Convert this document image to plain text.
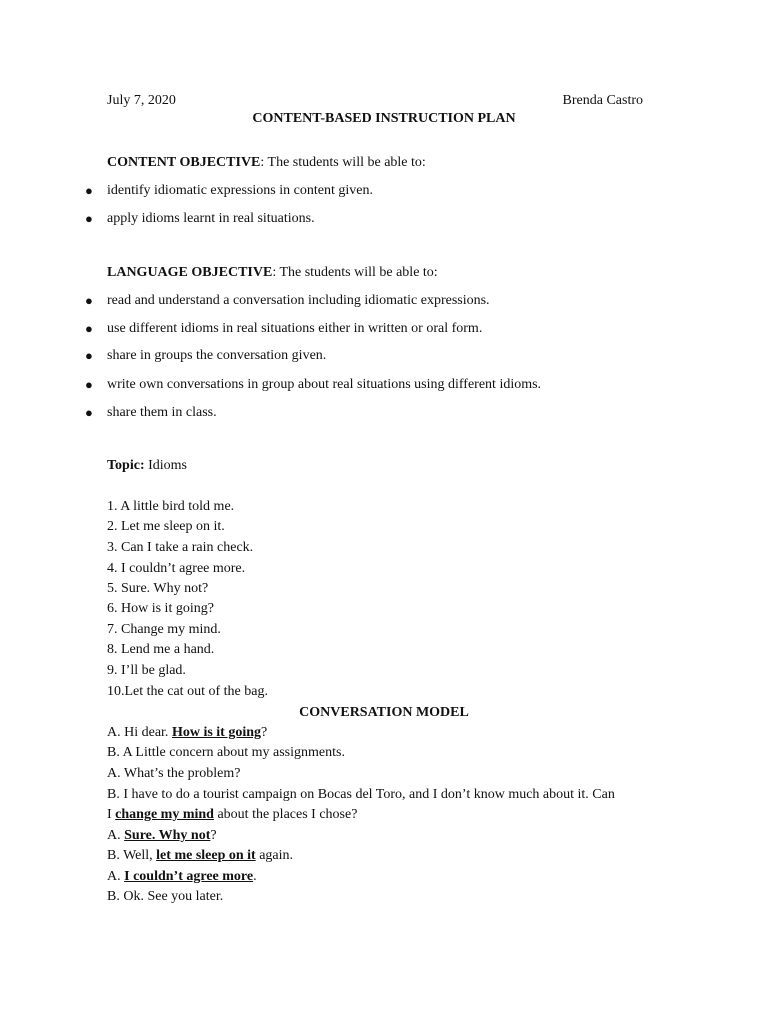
July 7, 2020	Brenda Castro
CONTENT-BASED INSTRUCTION PLAN
CONTENT OBJECTIVE: The students will be able to:
● identify idiomatic expressions in content given.
● apply idioms learnt in real situations.
LANGUAGE OBJECTIVE: The students will be able to:
● read and understand a conversation including idiomatic expressions.
● use different idioms in real situations either in written or oral form.
● share in groups the conversation given.
● write own conversations in group about real situations using different idioms.
● share them in class.
Topic: Idioms
1. A little bird told me.
2. Let me sleep on it.
3. Can I take a rain check.
4. I couldn’t agree more.
5. Sure. Why not?
6. How is it going?
7. Change my mind.
8. Lend me a hand.
9. I’ll be glad.
10.Let the cat out of the bag.
CONVERSATION MODEL
A. Hi dear. How is it going?
B. A Little concern about my assignments.
A. What’s the problem?
B. I have to do a tourist campaign on Bocas del Toro, and I don’t know much about it. Can
I change my mind about the places I chose?
A. Sure. Why not?
B. Well, let me sleep on it again.
A. I couldn’t agree more.
B. Ok. See you later.
